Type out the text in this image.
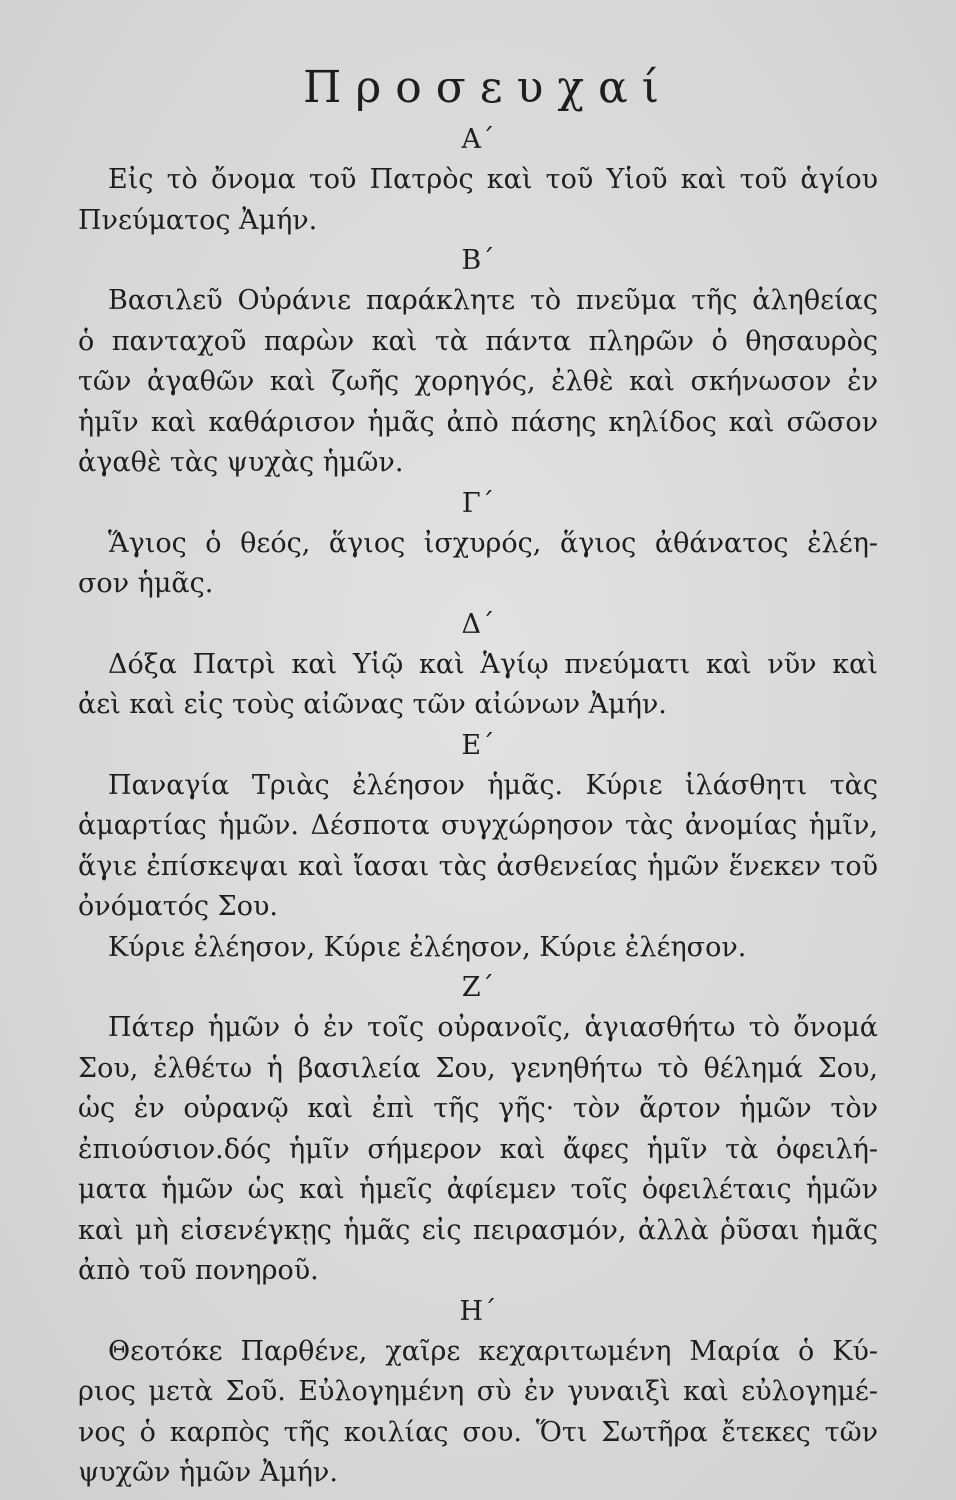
Προσευχαί

Α΄

Εἰς τὸ ὄνομα τοῦ Πατρὸς καὶ τοῦ Υἱοῦ καὶ τοῦ ἁγίου
Πνεύματος Ἀμήν.

Β΄

Βασιλεῦ Οὐράνιε παράκλητε τὸ πνεῦμα τῆς ἀληθείας
ὁ πανταχοῦ παρὼν καὶ τὰ πάντα πληρῶν ὁ θησαυρὸς
τῶν ἀγαθῶν καὶ ζωῆς χορηγός, ἐλθὲ καὶ σκήνωσον ἐν
ἡμῖν καὶ καθάρισον ἡμᾶς ἀπὸ πάσης κηλίδος καὶ σῶσον
ἀγαθὲ τὰς ψυχὰς ἡμῶν.

Γ΄

Ἅγιος ὁ θεός, ἅγιος ἰσχυρός, ἅγιος ἀθάνατος ἐλέη-
σον ἡμᾶς.

Δ΄

Δόξα Πατρὶ καὶ Υἱῷ καὶ Ἁγίῳ πνεύματι καὶ νῦν καὶ
ἀεὶ καὶ εἰς τοὺς αἰῶνας τῶν αἰώνων Ἀμήν.

Ε΄

Παναγία Τριὰς ἐλέησον ἡμᾶς. Κύριε ἱλάσθητι τὰς
ἁμαρτίας ἡμῶν. Δέσποτα συγχώρησον τὰς ἀνομίας ἡμῖν,
ἅγιε ἐπίσκεψαι καὶ ἴασαι τὰς ἀσθενείας ἡμῶν ἕνεκεν τοῦ
ὀνόματός Σου.
Κύριε ἐλέησον, Κύριε ἐλέησον, Κύριε ἐλέησον.

Ζ΄

Πάτερ ἡμῶν ὁ ἐν τοῖς οὐρανοῖς, ἁγιασθήτω τὸ ὄνομά
Σου, ἐλθέτω ἡ βασιλεία Σου, γενηθήτω τὸ θέλημά Σου,
ὡς ἐν οὐρανῷ καὶ ἐπὶ τῆς γῆς· τὸν ἄρτον ἡμῶν τὸν
ἐπιούσιον.δός ἡμῖν σήμερον καὶ ἄφες ἡμῖν τὰ ὀφειλή-
ματα ἡμῶν ὡς καὶ ἡμεῖς ἀφίεμεν τοῖς ὀφειλέταις ἡμῶν
καὶ μὴ εἰσενέγκῃς ἡμᾶς εἰς πειρασμόν, ἀλλὰ ῥῦσαι ἡμᾶς
ἀπὸ τοῦ πονηροῦ.

Η΄

Θεοτόκε Παρθένε, χαῖρε κεχαριτωμένη Μαρία ὁ Κύ-
ριος μετὰ Σοῦ. Εὐλογημένη σὺ ἐν γυναιξὶ καὶ εὐλογημέ-
νος ὁ καρπὸς τῆς κοιλίας σου. Ὅτι Σωτῆρα ἔτεκες τῶν
ψυχῶν ἡμῶν Ἀμήν.
